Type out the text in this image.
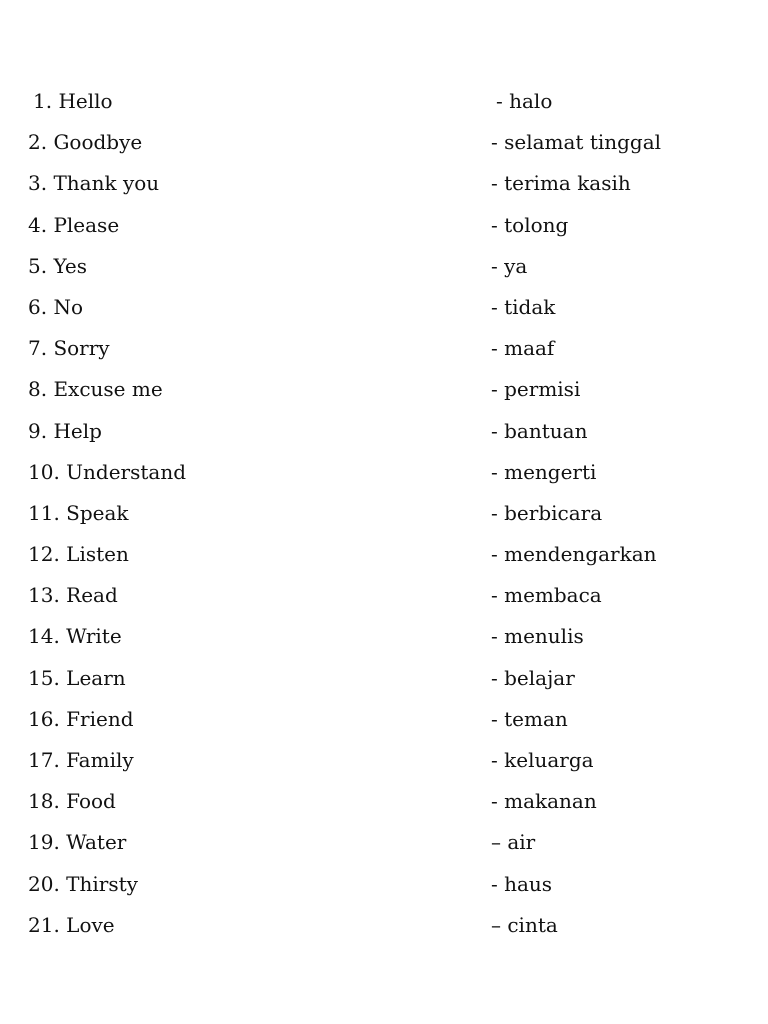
1. Hello	- halo
2. Goodbye	- selamat tinggal
3. Thank you	- terima kasih
4. Please	- tolong
5. Yes	- ya
6. No	- tidak
7. Sorry	- maaf
8. Excuse me	- permisi
9. Help	- bantuan
10. Understand	- mengerti
11. Speak	- berbicara
12. Listen	- mendengarkan
13. Read	- membaca
14. Write	- menulis
15. Learn	- belajar
16. Friend	- teman
17. Family	- keluarga
18. Food	- makanan
19. Water	– air
20. Thirsty	- haus
21. Love	– cinta
